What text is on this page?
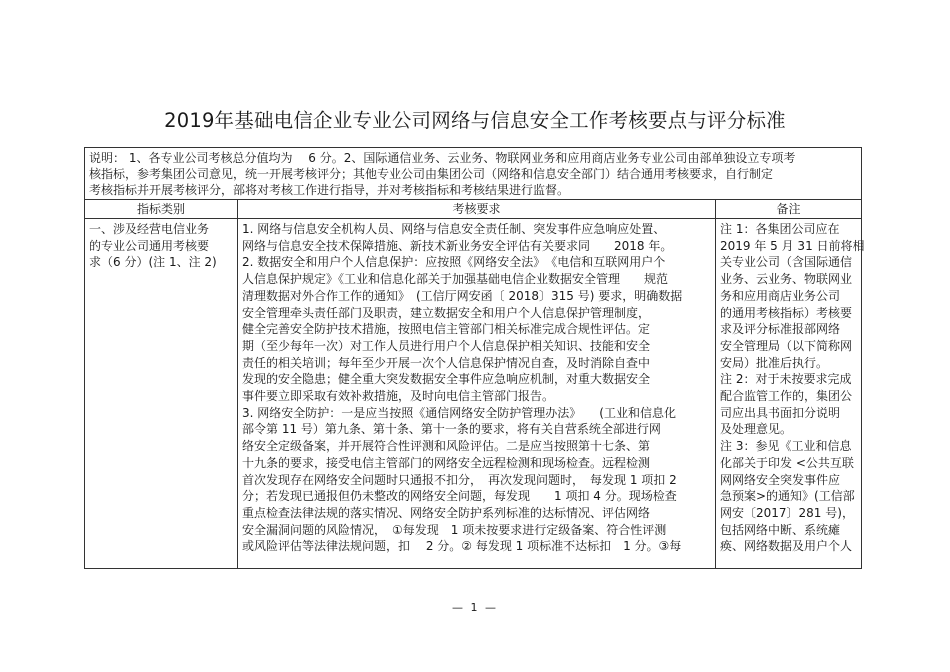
2019年基础电信企业专业公司网络与信息安全工作考核要点与评分标准
说明： 1、各专业公司考核总分值均为　 6 分。2、国际通信业务、云业务、物联网业务和应用商店业务专业公司由部单独设立专项考
核指标，参考集团公司意见，统一开展考核评分；其他专业公司由集团公司（网络和信息安全部门）结合通用考核要求，自行制定
考核指标并开展考核评分，部将对考核工作进行指导，并对考核指标和考核结果进行监督。
指标类别	考核要求	备注
一、涉及经营电信业务
的专业公司通用考核要
求（6 分）(注 1、注 2)
1. 网络与信息安全机构人员、网络与信息安全责任制、突发事件应急响应处置、
网络与信息安全技术保障措施、新技术新业务安全评估有关要求同　　2018 年。
2. 数据安全和用户个人信息保护：应按照《网络安全法》　《电信和互联网用户个
人信息保护规定》《工业和信息化部关于加强基础电信企业数据安全管理　　规范
清理数据对外合作工作的通知》　(工信厅网安函〔 2018〕315 号) 要求，明确数据
安全管理牵头责任部门及职责，建立数据安全和用户个人信息保护管理制度，
健全完善安全防护技术措施，按照电信主管部门相关标准完成合规性评估。定
期（至少每年一次）对工作人员进行用户个人信息保护相关知识、技能和安全
责任的相关培训；每年至少开展一次个人信息保护情况自查，及时消除自查中
发现的安全隐患；健全重大突发数据安全事件应急响应机制，对重大数据安全
事件要立即采取有效补救措施，及时向电信主管部门报告。
3. 网络安全防护：一是应当按照《通信网络安全防护管理办法》　　(工业和信息化
部令第 11 号）第九条、第十条、第十一条的要求，将有关自营系统全部进行网
络安全定级备案，并开展符合性评测和风险评估。二是应当按照第十七条、第
十九条的要求，接受电信主管部门的网络安全远程检测和现场检查。远程检测
首次发现存在网络安全问题时只通报不扣分，　再次发现问题时，　每发现 1 项扣 2
分；若发现已通报但仍未整改的网络安全问题，每发现　　1 项扣 4 分。现场检查
重点检查法律法规的落实情况、网络安全防护系列标准的达标情况、评估网络
安全漏洞问题的风险情况，　①每发现　1 项未按要求进行定级备案、符合性评测
或风险评估等法律法规问题，扣　 2 分。② 每发现 1 项标准不达标扣　1 分。③每
注 1：各集团公司应在
2019 年 5 月 31 日前将相
关专业公司（含国际通信
业务、云业务、物联网业
务和应用商店业务公司
的通用考核指标）考核要
求及评分标准报部网络
安全管理局（以下简称网
安局）批准后执行。
注 2：对于未按要求完成
配合监管工作的，集团公
司应出具书面扣分说明
及处理意见。
注 3：参见《工业和信息
化部关于印发 <公共互联
网网络安全突发事件应
急预案>的通知》(工信部
网安〔2017〕281 号)，
包括网络中断、系统瘫
痪、网络数据及用户个人
— 1 —
